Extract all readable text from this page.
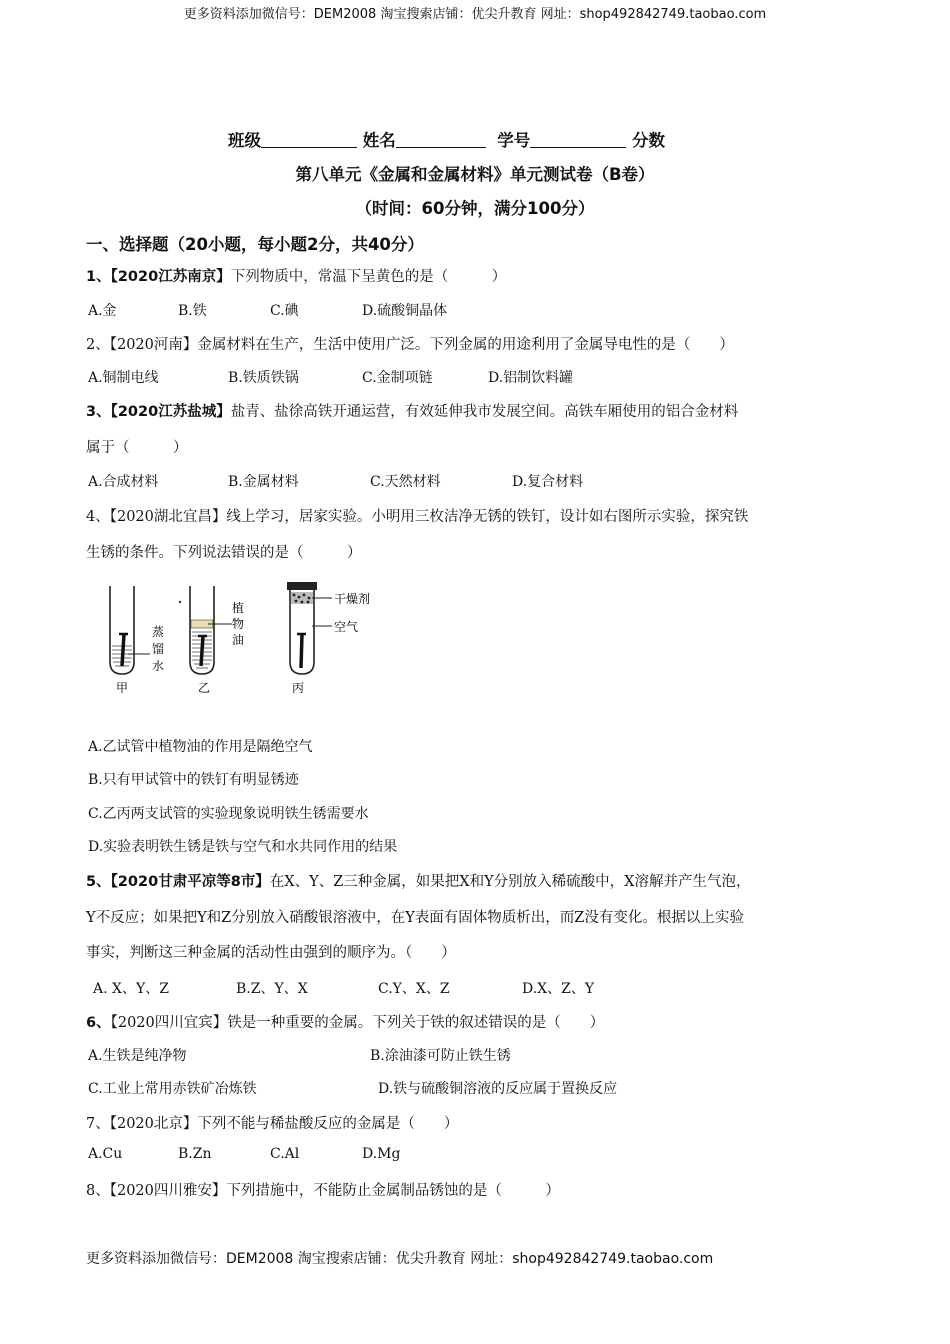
更多资料添加微信号：DEM2008 淘宝搜索店铺：优尖升教育 网址：shop492842749.taobao.com
班级	姓名	学号	分数
第八单元《金属和金属材料》单元测试卷（B卷）
（时间：60分钟，满分100分）
一、选择题（20小题，每小题2分，共40分）
1、【2020江苏南京】下列物质中，常温下呈黄色的是（　　　）
A.金	B.铁	C.碘	D.硫酸铜晶体
2、【2020河南】金属材料在生产，生活中使用广泛。下列金属的用途利用了金属导电性的是（　　）
A.铜制电线	B.铁质铁锅	C.金制项链	D.铝制饮料罐
3、【2020江苏盐城】盐青、盐徐高铁开通运营，有效延伸我市发展空间。高铁车厢使用的铝合金材料
属于（　　　）
A.合成材料	B.金属材料	C.天然材料	D.复合材料
4、【2020湖北宜昌】线上学习，居家实验。小明用三枚洁净无锈的铁钉，设计如右图所示实验，探究铁
生锈的条件。下列说法错误的是（　　　）
蒸
馏
水
植
物
油
干燥剂
空气
甲	乙	丙
A.乙试管中植物油的作用是隔绝空气
B.只有甲试管中的铁钉有明显锈迹
C.乙丙两支试管的实验现象说明铁生锈需要水
D.实验表明铁生锈是铁与空气和水共同作用的结果
5、【2020甘肃平凉等8市】在X、Y、Z三种金属，如果把X和Y分别放入稀硫酸中，X溶解并产生气泡，
Y不反应；如果把Y和Z分别放入硝酸银溶液中，在Y表面有固体物质析出，而Z没有变化。根据以上实验
事实，判断这三种金属的活动性由强到的顺序为。（　　）
A. X、Y、Z	B.Z、Y、X	C.Y、X、Z	D.X、Z、Y
6、【2020四川宜宾】铁是一种重要的金属。下列关于铁的叙述错误的是（　　）
A.生铁是纯净物	B.涂油漆可防止铁生锈
C.工业上常用赤铁矿冶炼铁	D.铁与硫酸铜溶液的反应属于置换反应
7、【2020北京】下列不能与稀盐酸反应的金属是（　　）
A.Cu	B.Zn	C.Al	D.Mg
8、【2020四川雅安】下列措施中，不能防止金属制品锈蚀的是（　　　）
更多资料添加微信号：DEM2008 淘宝搜索店铺：优尖升教育 网址：shop492842749.taobao.com
